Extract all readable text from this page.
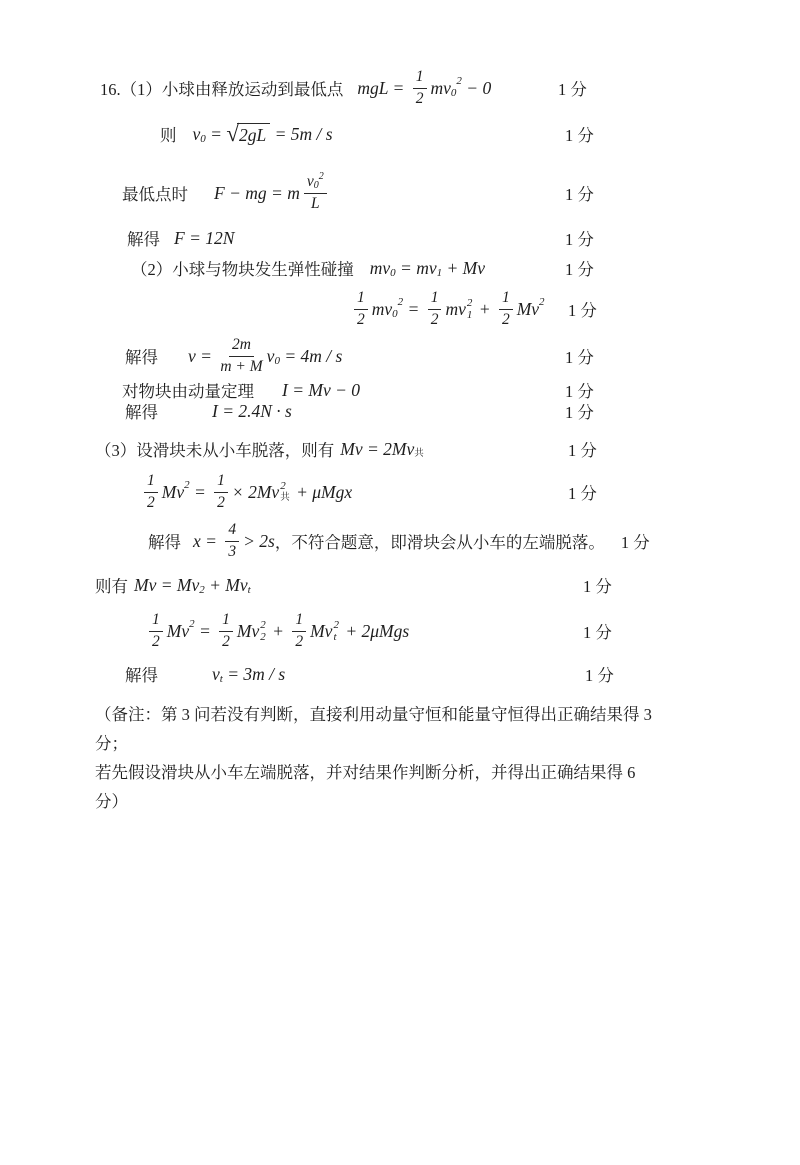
16.（1）小球由释放运动到最低点 mgL = $\frac{1}{2} mv_0$
$^2$ − 0	1 分
则 $v_0$ = √ 2gL = 5m / s	1 分
最低点时 F − mg = m $v_0$
$^2$
L	1 分
解得 F = 12N	1 分
（2）小球与物块发生弹性碰撞 $mv_0 = mv_1 + Mv$	1 分
$\frac{1}{2} mv_0$
$^2 = \frac{1}{2}$ mv 2
$1 + \frac{1}{2} Mv^2$ 1 分
解得 $v = \frac{2m}{m + M} v_0 = 4m / s$	1 分
对物块由动量定理 I = Mv − 0	1 分
解得	I = 2.4N · s	1 分
（3）设滑块未从小车脱落，则有 $Mv = 2Mv_共$	1 分
$\frac{1}{2} Mv^2 = \frac{1}{2} \times 2Mv$ 2
共 + μMgx	1 分
解得 $x = \frac{4}{3} > 2s$ ，不符合题意，即滑块会从小车的左端脱落。 1 分
则有 $Mv = Mv_2 + Mv_t$	1 分
$\frac{1}{2} Mv^2 = \frac{1}{2}$ Mv 2
$2 + \frac{1}{2}$ Mv 2
t + 2μMgs	1 分
解得	$v_t = 3m / s$	1 分
（备注：第 3 问若没有判断，直接利用动量守恒和能量守恒得出正确结果得 3 分；
若先假设滑块从小车左端脱落，并对结果作判断分析，并得出正确结果得 6 分）
